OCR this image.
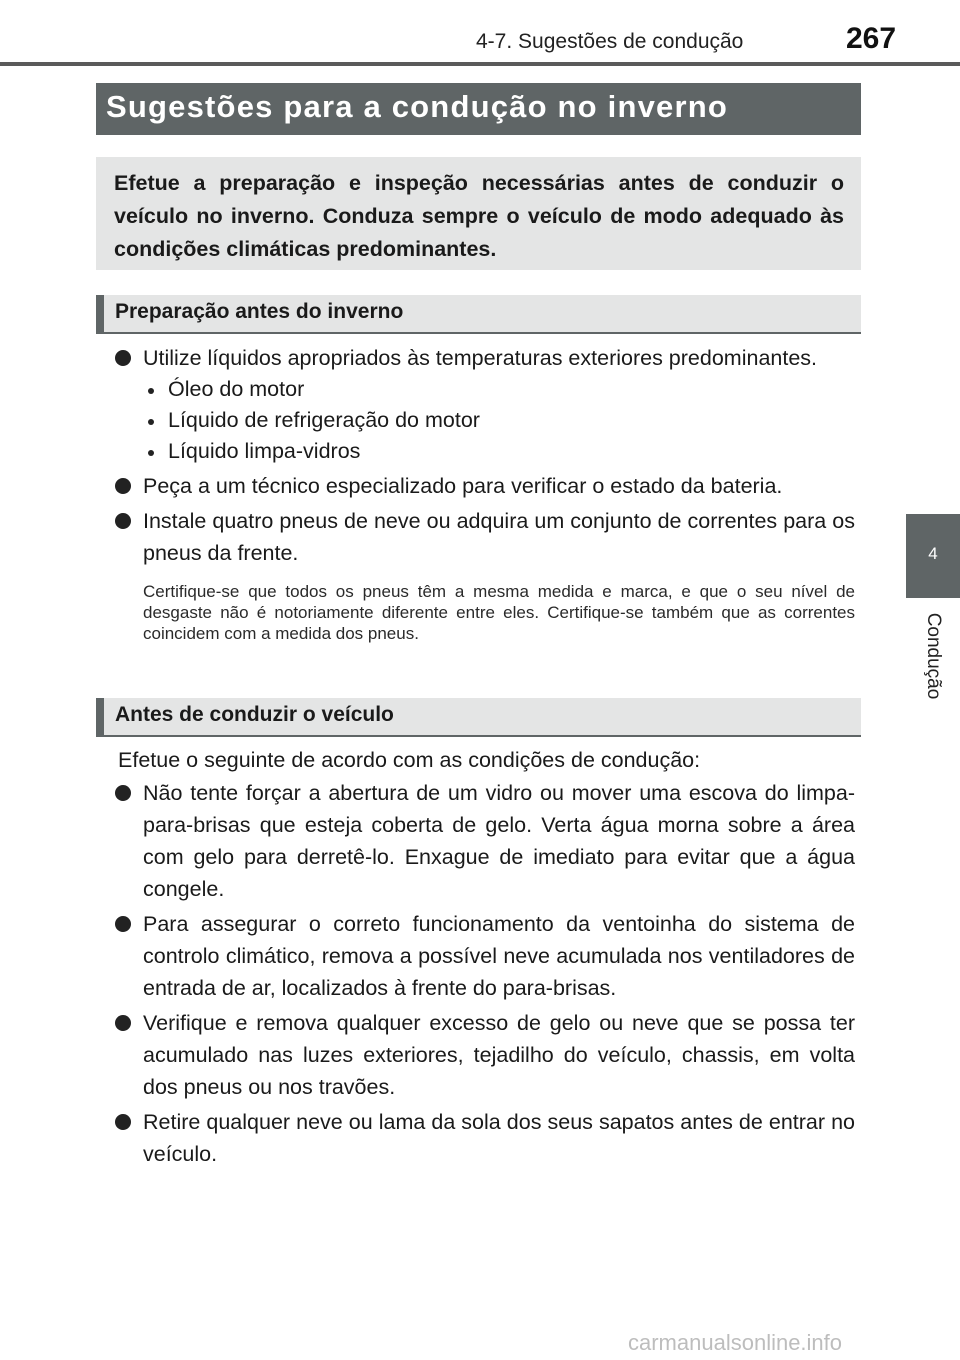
4-7. Sugestões de condução	267
4
Condução
Sugestões para a condução no inverno
Efetue a preparação e inspeção necessárias antes de conduzir o veículo no inverno. Conduza sempre o veículo de modo adequado às condições climáticas predominantes.
Preparação antes do inverno
Utilize líquidos apropriados às temperaturas exteriores predominantes.
Óleo do motor
Líquido de refrigeração do motor
Líquido limpa-vidros
Peça a um técnico especializado para verificar o estado da bateria.
Instale quatro pneus de neve ou adquira um conjunto de correntes para os pneus da frente.
Certifique-se que todos os pneus têm a mesma medida e marca, e que o seu nível de desgaste não é notoriamente diferente entre eles. Certifique-se também que as correntes coincidem com a medida dos pneus.
Antes de conduzir o veículo
Efetue o seguinte de acordo com as condições de condução:
Não tente forçar a abertura de um vidro ou mover uma escova do limpa-para-brisas que esteja coberta de gelo. Verta água morna sobre a área com gelo para derretê-lo. Enxague de imediato para evitar que a água congele.
Para assegurar o correto funcionamento da ventoinha do sistema de controlo climático, remova a possível neve acumulada nos ventiladores de entrada de ar, localizados à frente do para-brisas.
Verifique e remova qualquer excesso de gelo ou neve que se possa ter acumulado nas luzes exteriores, tejadilho do veículo, chassis, em volta dos pneus ou nos travões.
Retire qualquer neve ou lama da sola dos seus sapatos antes de entrar no veículo.
carmanualsonline.info
